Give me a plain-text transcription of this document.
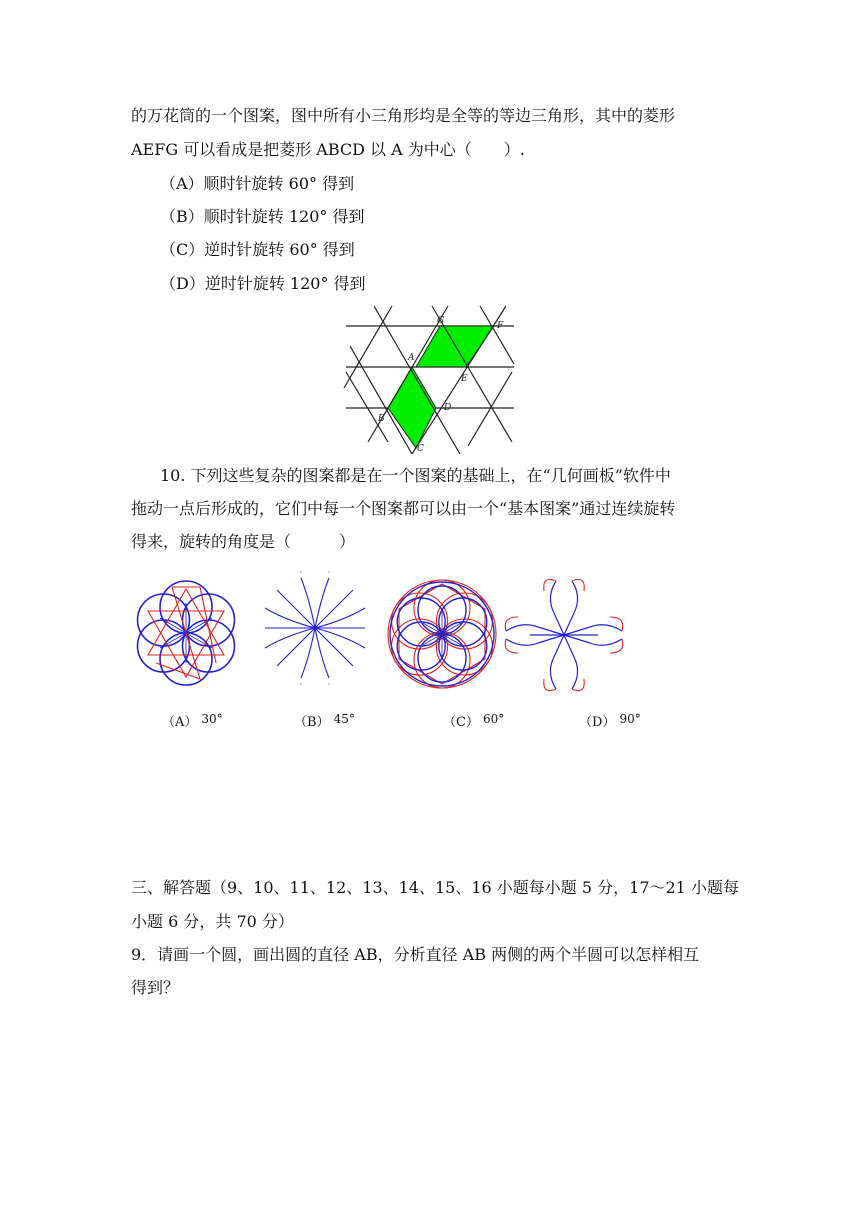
的万花筒的一个图案，图中所有小三角形均是全等的等边三角形，其中的菱形
AEFG 可以看成是把菱形 ABCD 以 A 为中心（　　）.
（A）顺时针旋转 60° 得到
（B）顺时针旋转 120° 得到
（C）逆时针旋转 60° 得到
（D）逆时针旋转 120° 得到
G	F
A
E
B
D
C
10. 下列这些复杂的图案都是在一个图案的基础上，在“几何画板”软件中
拖动一点后形成的，它们中每一个图案都可以由一个“基本图案”通过连续旋转
得来，旋转的角度是（　　　）
（A） 30°	（B） 45°	（C） 60°	（D） 90°
三、解答题（9、10、11、12、13、14、15、16 小题每小题 5 分，17～21 小题每
小题 6 分，共 70 分）
9．请画一个圆，画出圆的直径 AB，分析直径 AB 两侧的两个半圆可以怎样相互
得到？
